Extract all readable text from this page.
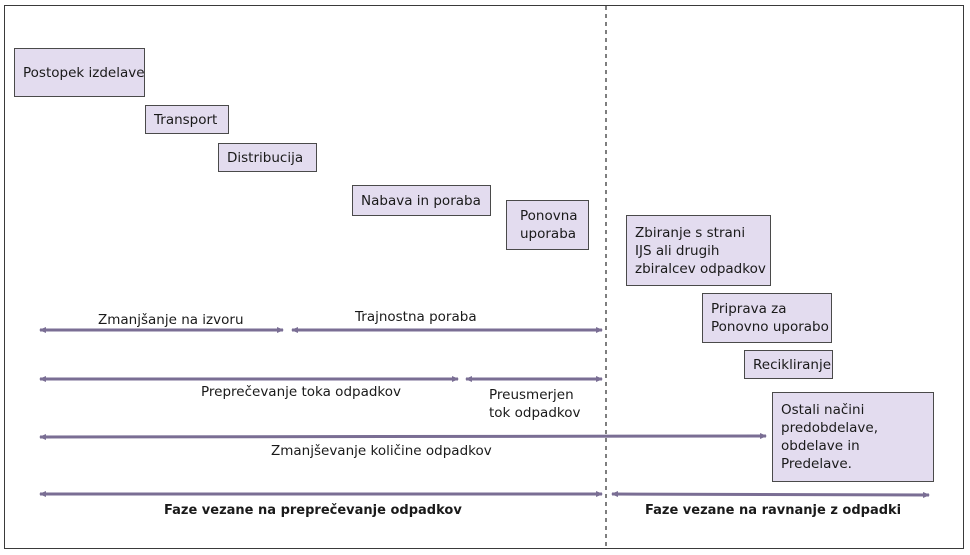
Postopek izdelave
Transport
Distribucija
Nabava in poraba
Ponovna
uporaba	Zbiranje s strani
IJS ali drugih
zbiralcev odpadkov
Priprava za
Ponovno uporabo
Recikliranje
Ostali načini
predobdelave,
obdelave in
Predelave.
Zmanjšanje na izvoru	Trajnostna poraba
Preprečevanje toka odpadkov	Preusmerjen
tok odpadkov
Zmanjševanje količine odpadkov
Faze vezane na preprečevanje odpadkov	Faze vezane na ravnanje z odpadki
